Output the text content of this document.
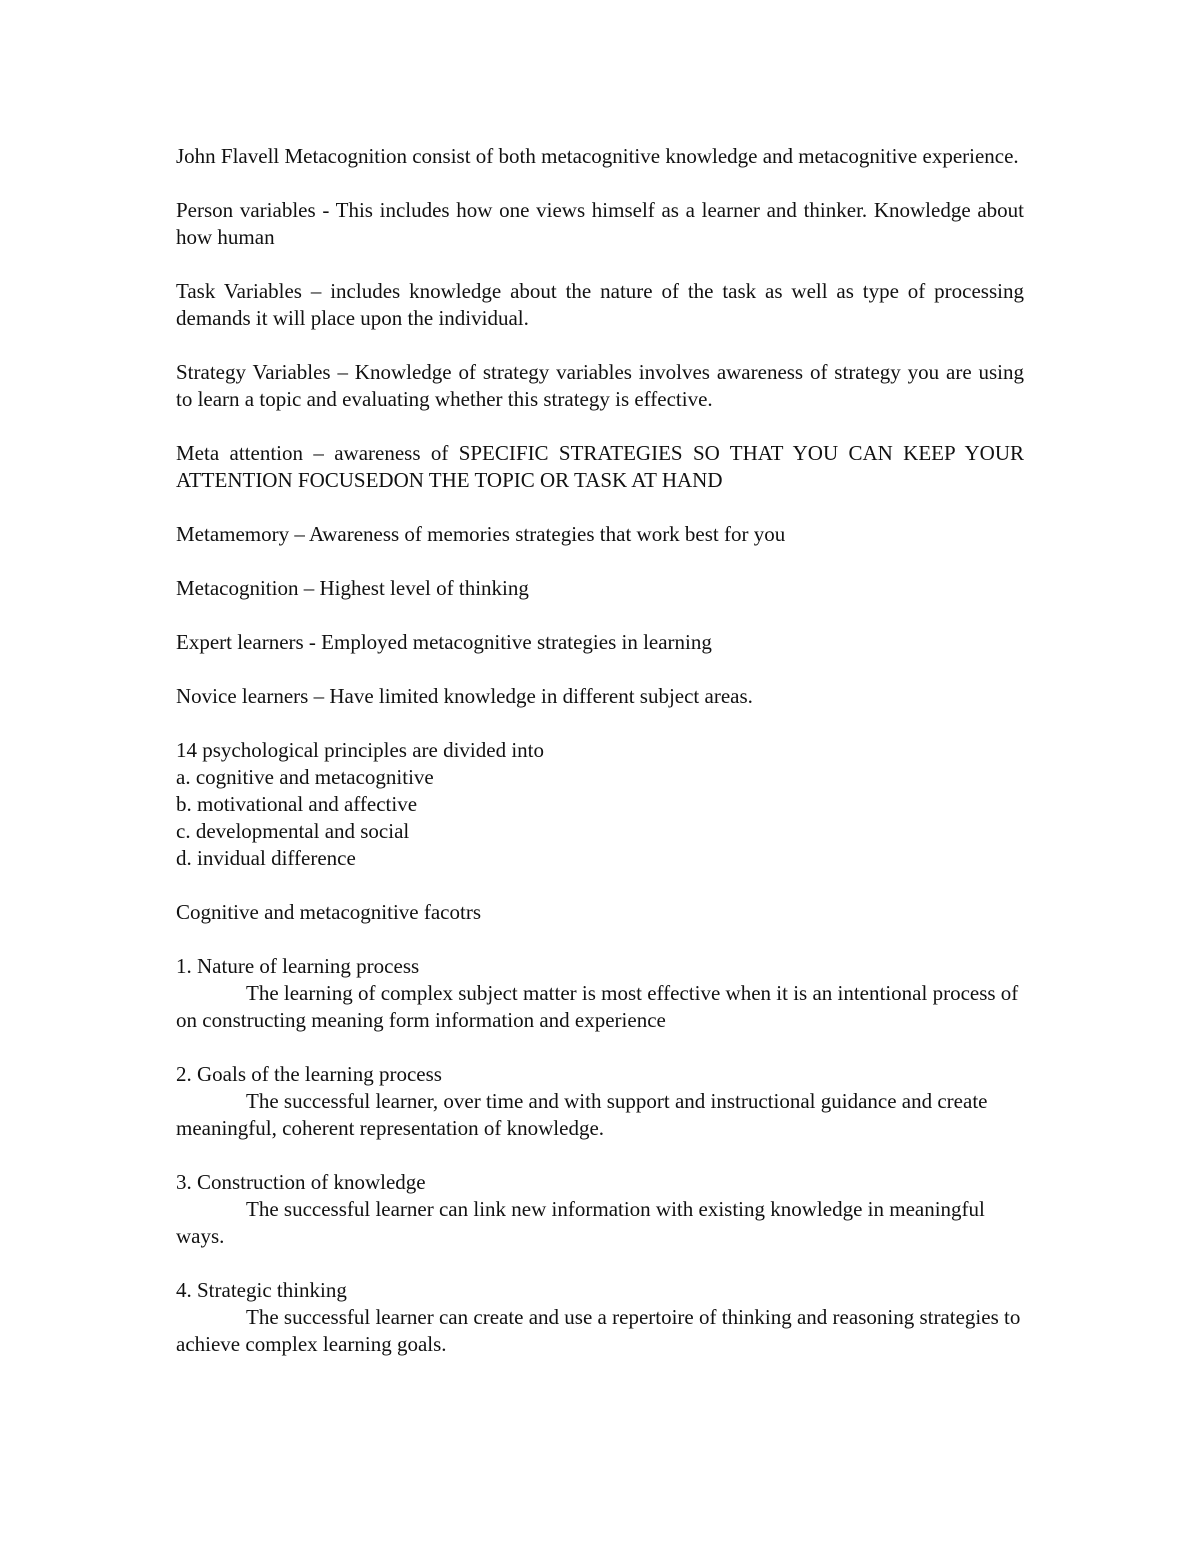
John Flavell Metacognition consist of both metacognitive knowledge and metacognitive experience.

Person variables - This includes how one views himself as a learner and thinker. Knowledge about how human

Task Variables – includes knowledge about the nature of the task as well as type of processing demands it will place upon the individual.

Strategy Variables – Knowledge of strategy variables involves awareness of strategy you are using to learn a topic and evaluating whether this strategy is effective.

Meta attention – awareness of SPECIFIC STRATEGIES SO THAT YOU CAN KEEP YOUR ATTENTION FOCUSEDON THE TOPIC OR TASK AT HAND

Metamemory – Awareness of memories strategies that work best for you

Metacognition – Highest level of thinking

Expert learners - Employed metacognitive strategies in learning

Novice learners – Have limited knowledge in different subject areas.

14 psychological principles are divided into
a. cognitive and metacognitive
b. motivational and affective
c. developmental and social
d. invidual difference

Cognitive and metacognitive facotrs

1. Nature of learning process
The learning of complex subject matter is most effective when it is an intentional process of on constructing meaning form information and experience
2. Goals of the learning process
The successful learner, over time and with support and instructional guidance and create meaningful, coherent representation of knowledge.
3. Construction of knowledge
The successful learner can link new information with existing knowledge in meaningful ways.
4. Strategic thinking
The successful learner can create and use a repertoire of thinking and reasoning strategies to achieve complex learning goals.
